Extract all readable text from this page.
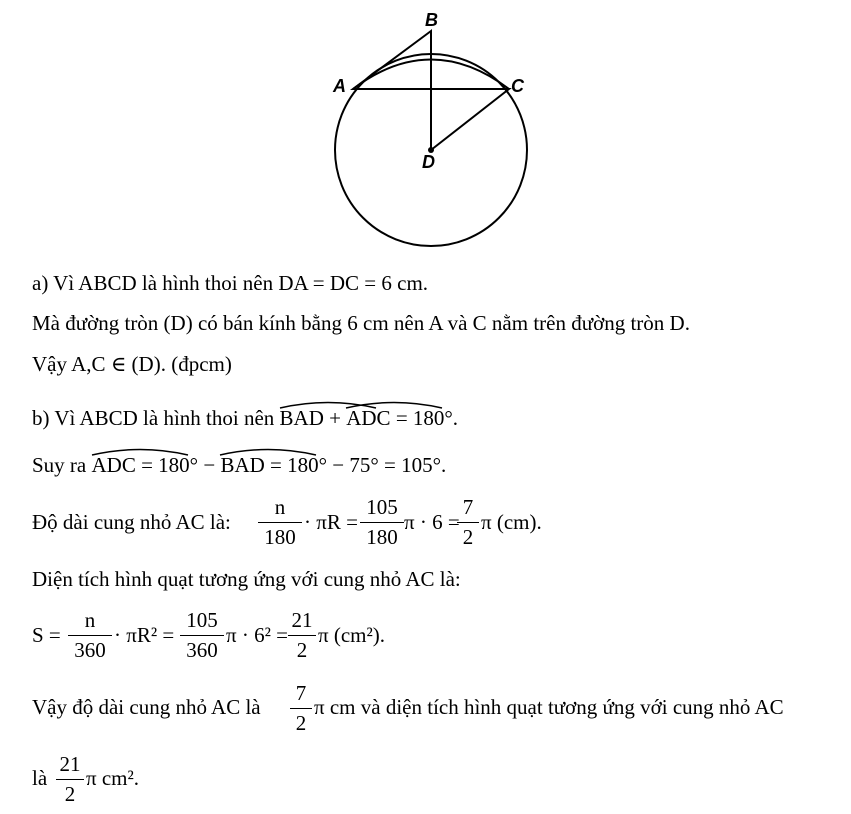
B
A	C
D
a) Vì ABCD là hình thoi nên DA = DC = 6 cm.
Mà đường tròn (D) có bán kính bằng 6 cm nên A và C nằm trên đường tròn D.
Vậy A,C ∈ (D). (đpcm)
b) Vì ABCD là hình thoi nên BAD +
ADC = 180°.
Suy ra ADC = 180° − BAD = 180° − 75° = 105°.
Độ dài cung nhỏ AC là: $\frac{n}{180} \cdot \pi R = \frac{105}{180}$ π · 6 =
$\frac{7}{2}$ π (cm).
Diện tích hình quạt tương ứng với cung nhỏ AC là:
$S = \frac{n}{360} \cdot \pi R^2 = \frac{105}{360}$ $\pi \cdot 6^2 = \frac{21}{2}$ π (cm²).
Vậy độ dài cung nhỏ AC là $\frac{7}{2}$ π cm và diện tích hình quạt tương ứng với cung nhỏ AC
là $\frac{21}{2}$ π cm².
